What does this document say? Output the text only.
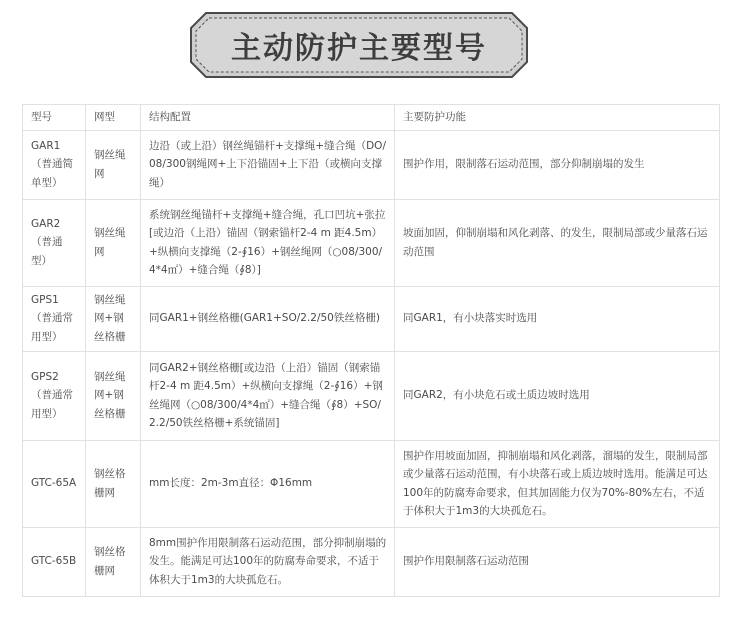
主动防护主要型号
型号	网型	结构配置	主要防护功能
GAR1（普通简单型）	钢丝绳网	边沿（或上沿）钢丝绳锚杆+支撑绳+缝合绳（DO/08/300钢绳网+上下沿锚固+上下沿（或横向支撑绳）	围护作用，限制落石运动范围，部分仰制崩塌的发生
GAR2（普通型）	钢丝绳网	系统钢丝绳锚杆+支撑绳+缝合绳，孔口凹坑+张拉[或边沿（上沿）锚固（钢索锚杆2-4 m 距4.5m）+纵横向支撑绳（2-∮16）+钢丝绳网（○08/300/4*4㎡）+缝合绳（∮8）]	坡面加固，仰制崩塌和风化剥落、的发生，限制局部或少量落石运动范围
GPS1（普通常用型）	钢丝绳网+钢丝格栅	同GAR1+钢丝格栅(GAR1+SO/2.2/50铁丝格栅)	同GAR1，有小块落实时选用
GPS2（普通常用型）	钢丝绳网+钢丝格栅	同GAR2+钢丝格栅[或边沿（上沿）锚固（钢索锚杆2-4 m 距4.5m）+纵横向支撑绳（2-∮16）+钢丝绳网（○08/300/4*4㎡）+缝合绳（∮8）+SO/2.2/50铁丝格栅+系统锚固]	同GAR2，有小块危石或土质边坡时选用
GTC-65A	钢丝格栅网	mm长度：2m-3m直径：Φ16mm	围护作用坡面加固，抑制崩塌和风化剥落，溜塌的发生，限制局部或少量落石运动范围，有小块落石或上质边坡时选用。能满足可达100年的防腐寿命要求，但其加固能力仅为70%-80%左右，不适于体积大于1m3的大块孤危石。
GTC-65B	钢丝格栅网	8mm围护作用限制落石运动范围，部分抑制崩塌的发生。能满足可达100年的防腐寿命要求，不适于体积大于1m3的大块孤危石。	围护作用限制落石运动范围
